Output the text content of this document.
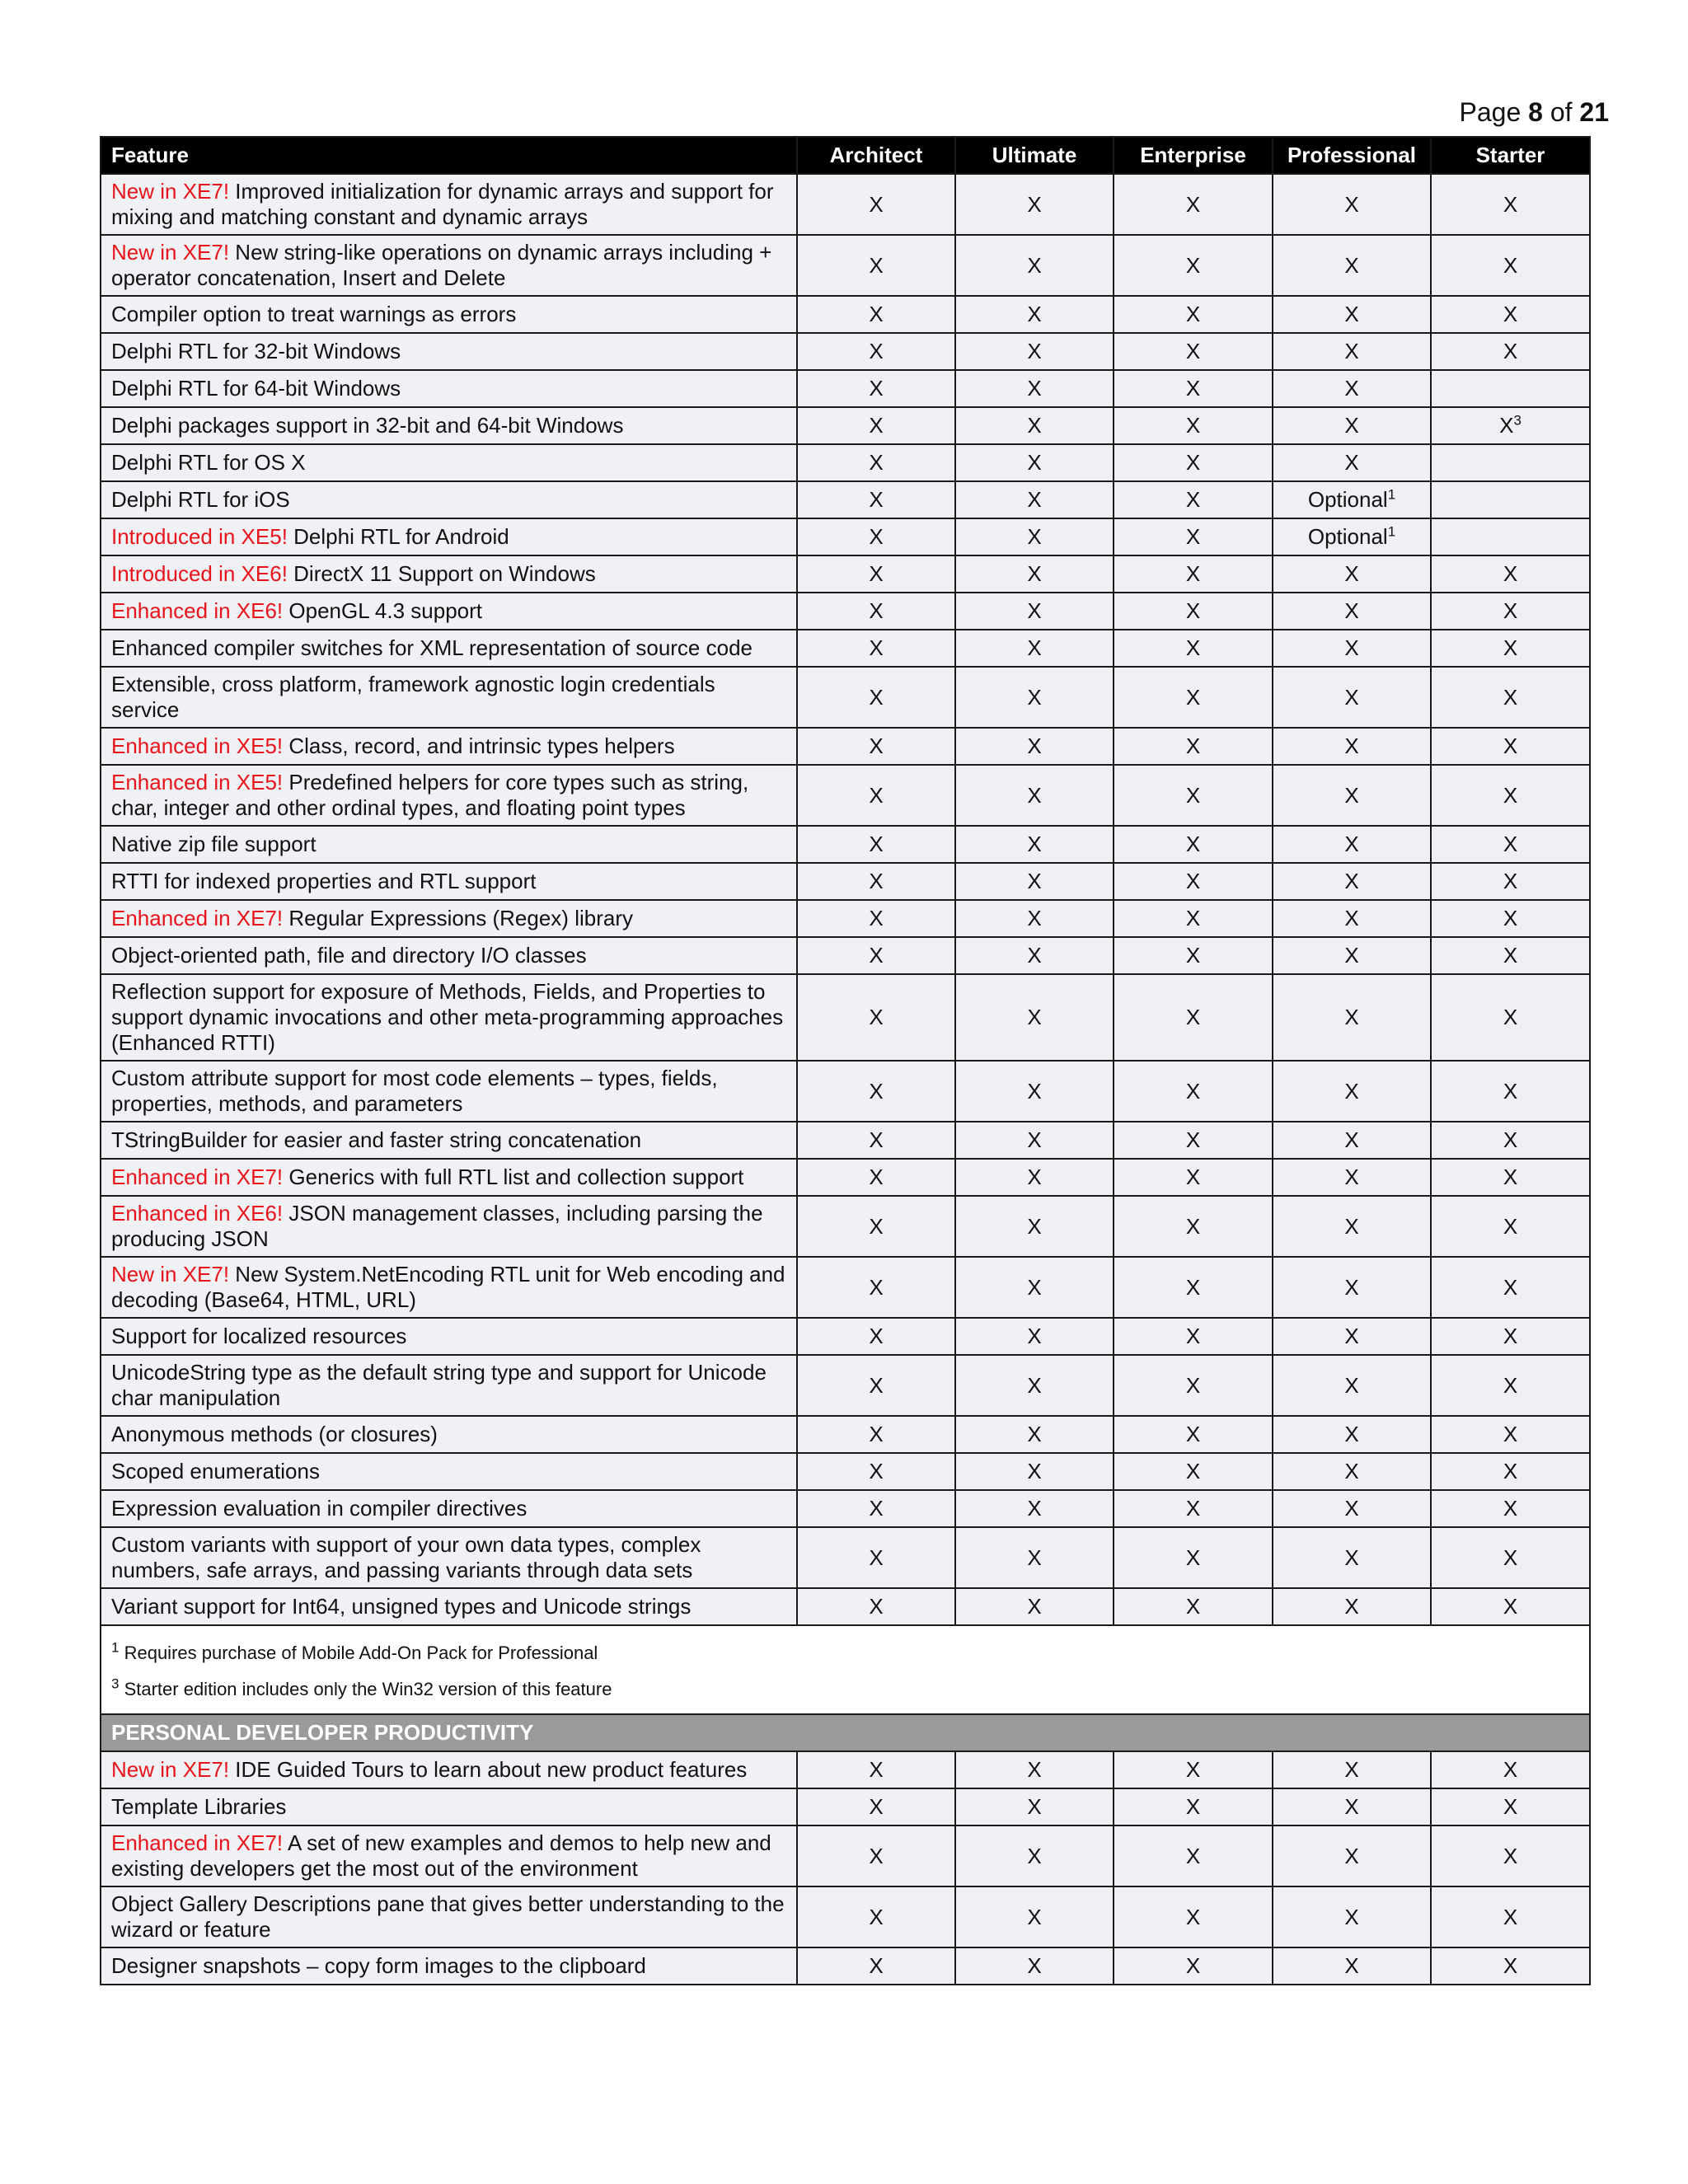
Page 8 of 21
Feature	Architect	Ultimate	Enterprise	Professional	Starter
New in XE7! Improved initialization for dynamic arrays and support for mixing and matching constant and dynamic arrays	X	X	X	X	X
New in XE7! New string-like operations on dynamic arrays including + operator concatenation, Insert and Delete	X	X	X	X	X
Compiler option to treat warnings as errors	X	X	X	X	X
Delphi RTL for 32-bit Windows	X	X	X	X	X
Delphi RTL for 64-bit Windows	X	X	X	X	
Delphi packages support in 32-bit and 64-bit Windows	X	X	X	X	$X^3$
Delphi RTL for OS X	X	X	X	X	
Delphi RTL for iOS	X	X	X	Optional$^1$	
Introduced in XE5! Delphi RTL for Android	X	X	X	Optional$^1$	
Introduced in XE6! DirectX 11 Support on Windows	X	X	X	X	X
Enhanced in XE6! OpenGL 4.3 support	X	X	X	X	X
Enhanced compiler switches for XML representation of source code	X	X	X	X	X
Extensible, cross platform, framework agnostic login credentials service	X	X	X	X	X
Enhanced in XE5! Class, record, and intrinsic types helpers	X	X	X	X	X
Enhanced in XE5! Predefined helpers for core types such as string, char, integer and other ordinal types, and floating point types	X	X	X	X	X
Native zip file support	X	X	X	X	X
RTTI for indexed properties and RTL support	X	X	X	X	X
Enhanced in XE7! Regular Expressions (Regex) library	X	X	X	X	X
Object-oriented path, file and directory I/O classes	X	X	X	X	X
Reflection support for exposure of Methods, Fields, and Properties to support dynamic invocations and other meta-programming approaches (Enhanced RTTI)	X	X	X	X	X
Custom attribute support for most code elements – types, fields, properties, methods, and parameters	X	X	X	X	X
TStringBuilder for easier and faster string concatenation	X	X	X	X	X
Enhanced in XE7! Generics with full RTL list and collection support	X	X	X	X	X
Enhanced in XE6! JSON management classes, including parsing the producing JSON	X	X	X	X	X
New in XE7! New System.NetEncoding RTL unit for Web encoding and decoding (Base64, HTML, URL)	X	X	X	X	X
Support for localized resources	X	X	X	X	X
UnicodeString type as the default string type and support for Unicode char manipulation	X	X	X	X	X
Anonymous methods (or closures)	X	X	X	X	X
Scoped enumerations	X	X	X	X	X
Expression evaluation in compiler directives	X	X	X	X	X
Custom variants with support of your own data types, complex numbers, safe arrays, and passing variants through data sets	X	X	X	X	X
Variant support for Int64, unsigned types and Unicode strings	X	X	X	X	X

$^1$ Requires purchase of Mobile Add-On Pack for Professional
$^3$ Starter edition includes only the Win32 version of this feature					

PERSONAL DEVELOPER PRODUCTIVITY					
New in XE7! IDE Guided Tours to learn about new product features	X	X	X	X	X
Template Libraries	X	X	X	X	X
Enhanced in XE7! A set of new examples and demos to help new and existing developers get the most out of the environment	X	X	X	X	X
Object Gallery Descriptions pane that gives better understanding to the wizard or feature	X	X	X	X	X
Designer snapshots – copy form images to the clipboard	X	X	X	X	X
